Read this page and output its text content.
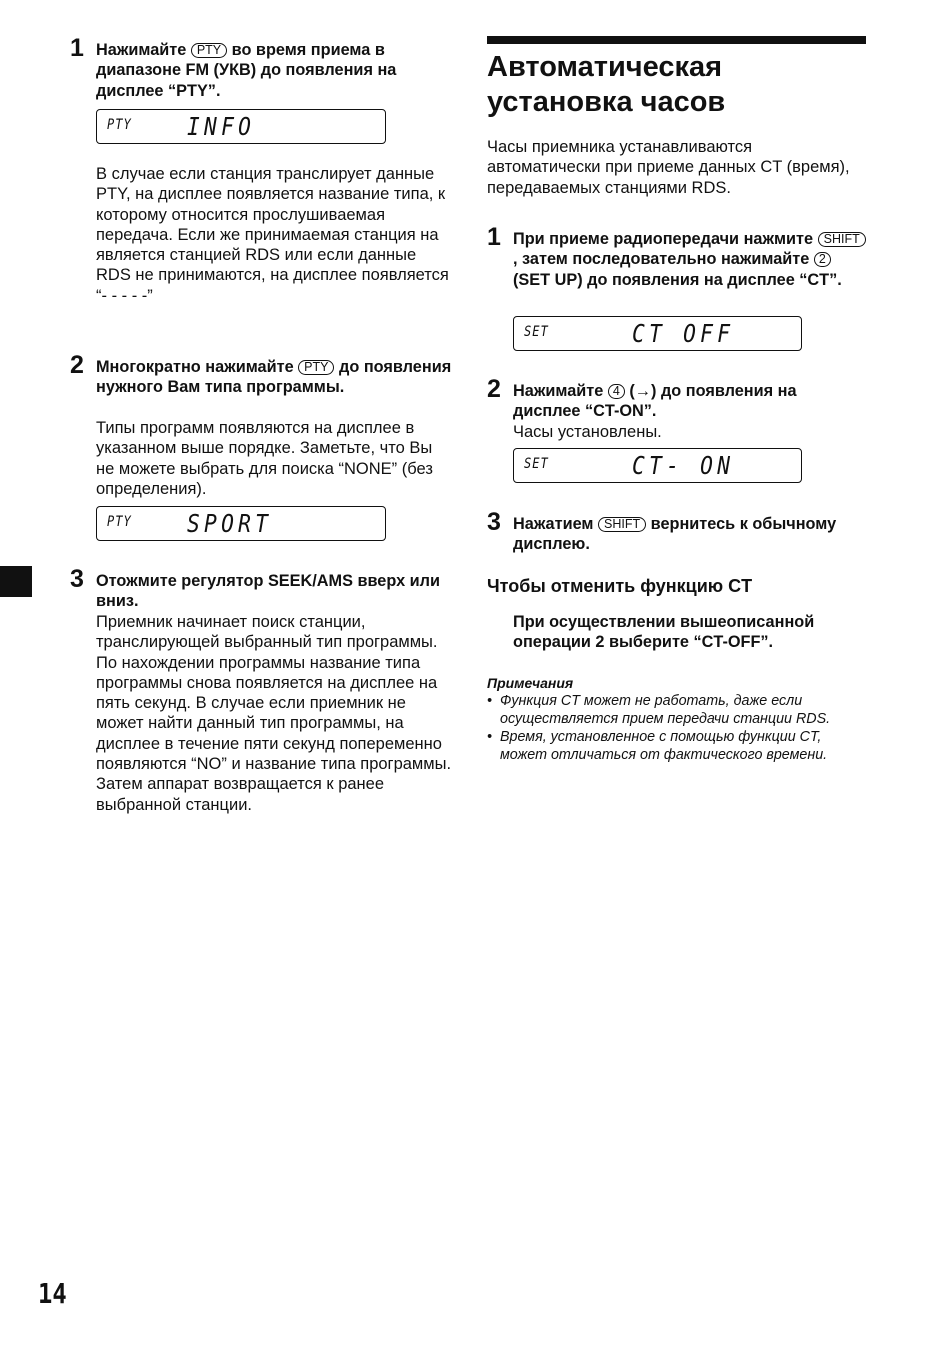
1 Нажимайте PTY во время приема в диапазоне FM (УКВ) до появления на дисплее “PTY”.
PTY INFO
В случае если станция транслирует данные PTY, на дисплее появляется название типа, к которому относится прослушиваемая передача. Если же принимаемая станция на является станцией RDS или если данные RDS не принимаются, на дисплее появляется “- - - - -”
2 Многократно нажимайте PTY до появления нужного Вам типа программы.
Типы программ появляются на дисплее в указанном выше порядке. Заметьте, что Вы не можете выбрать для поиска “NONE” (без определения).
PTY SPORT
3 Отожмите регулятор SEEK/AMS вверх или вниз.
Приемник начинает поиск станции, транслирующей выбранный тип программы. По нахождении программы название типа программы снова появляется на дисплее на пять секунд. В случае если приемник не может найти данный тип программы, на дисплее в течение пяти секунд попеременно появляются “NO” и название типа программы. Затем аппарат возвращается к ранее выбранной станции.
Автоматическая установка часов
Часы приемника устанавливаются автоматически при приеме данных CT (время), передаваемых станциями RDS.
1 При приеме радиопередачи нажмите SHIFT, затем последовательно нажимайте 2 (SET UP) до появления на дисплее “CT”.
SET	CT OFF
2 Нажимайте 4 (→) до появления на дисплее “CT-ON”.
Часы установлены.
SET	CT- ON
3 Нажатием SHIFT вернитесь к обычному дисплею.
Чтобы отменить функцию CT
При осуществлении вышеописанной операции 2 выберите “CT-OFF”.
Примечания
• Функция CT может не работать, даже если осуществляется прием передачи станции RDS.
• Время, установленное с помощью функции CT, может отличаться от фактического времени.
14
